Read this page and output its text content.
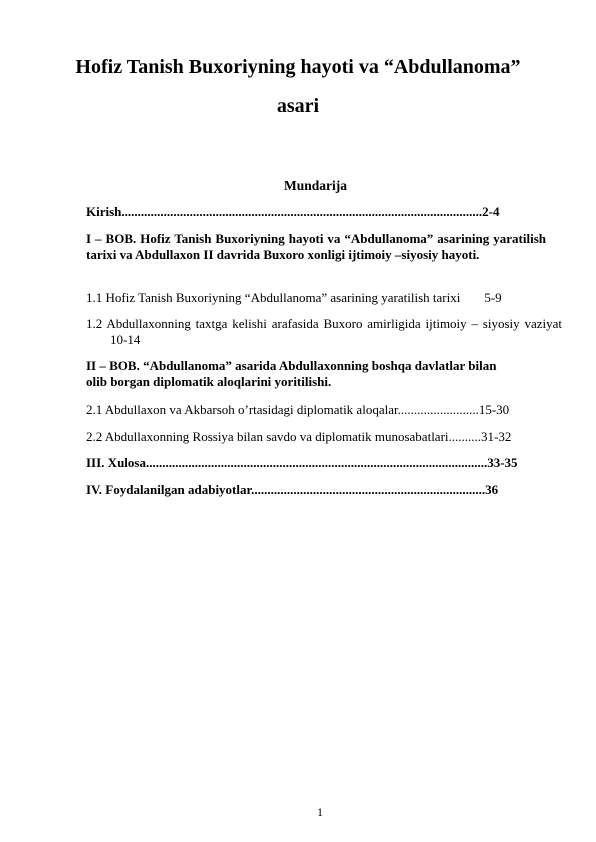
Hofiz Tanish Buxoriyning hayoti va “Abdullanoma”
asari
Mundarija
Kirish...............................................................................................................2-4
I – BOB. Hofiz Tanish Buxoriyning hayoti va “Abdullanoma” asarining yaratilish tarixi va Abdullaxon II davrida Buxoro xonligi ijtimoiy –siyosiy hayoti.
1.1 Hofiz Tanish Buxoriyning “Abdullanoma” asarining yaratilish tarixi 5-9
1.2 Abdullaxonning taxtga kelishi arafasida Buxoro amirligida ijtimoiy – siyosiy vaziyat 10-14
II – BOB. “Abdullanoma” asarida Abdullaxonning boshqa davlatlar bilan
olib borgan diplomatik aloqlarini yoritilishi.
2.1 Abdullaxon va Akbarsoh o’rtasidagi diplomatik aloqalar.........................15-30
2.2 Abdullaxonning Rossiya bilan savdo va diplomatik munosabatlari..........31-32
III. Xulosa.........................................................................................................33-35
IV. Foydalanilgan adabiyotlar........................................................................36
1
